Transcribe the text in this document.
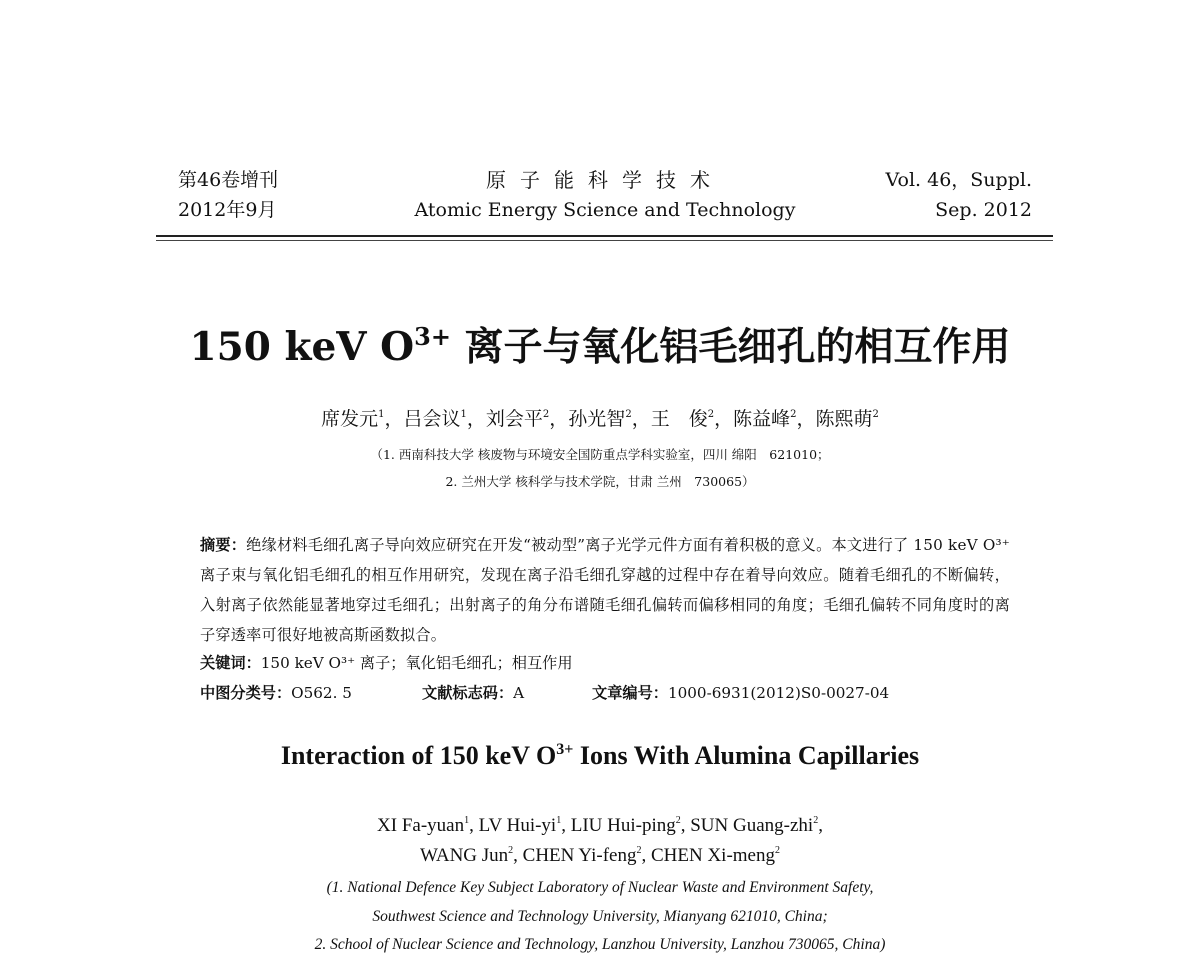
第46卷增刊
2012年9月
原子能科学技术
Atomic Energy Science and Technology
Vol. 46，Suppl.
Sep. 2012
150 keV $O^{3+}$ 离子与氧化铝毛细孔的相互作用
席发元$^1$，吕会议$^1$，刘会平$^2$，孙光智$^2$，王　俊$^2$，陈益峰$^2$，陈熙萌$^2$
（1. 西南科技大学 核废物与环境安全国防重点学科实验室，四川 绵阳　621010；
2. 兰州大学 核科学与技术学院，甘肃 兰州　730065）
摘要：绝缘材料毛细孔离子导向效应研究在开发“被动型”离子光学元件方面有着积极的意义。本文进行了 150 keV O³⁺ 离子束与氧化铝毛细孔的相互作用研究，发现在离子沿毛细孔穿越的过程中存在着导向效应。随着毛细孔的不断偏转，入射离子依然能显著地穿过毛细孔；出射离子的角分布谱随毛细孔偏转而偏移相同的角度；毛细孔偏转不同角度时的离子穿透率可很好地被高斯函数拟合。
关键词：150 keV O³⁺ 离子；氧化铝毛细孔；相互作用
中图分类号：O562. 5	文献标志码：A	文章编号：1000-6931(2012)S0-0027-04
Interaction of 150 keV $O^{3+}$ Ions With Alumina Capillaries
XI Fa-yuan$^1$, LV Hui-$yi^1$, LIU Hui-ping$^2$, SUN Guang-zhi$^2$,
WANG Jun$^2$, CHEN Yi-feng$^2$, CHEN Xi-meng$^2$
(1. National Defence Key Subject Laboratory of Nuclear Waste and Environment Safety,
Southwest Science and Technology University, Mianyang 621010, China;
2. School of Nuclear Science and Technology, Lanzhou University, Lanzhou 730065, China)
